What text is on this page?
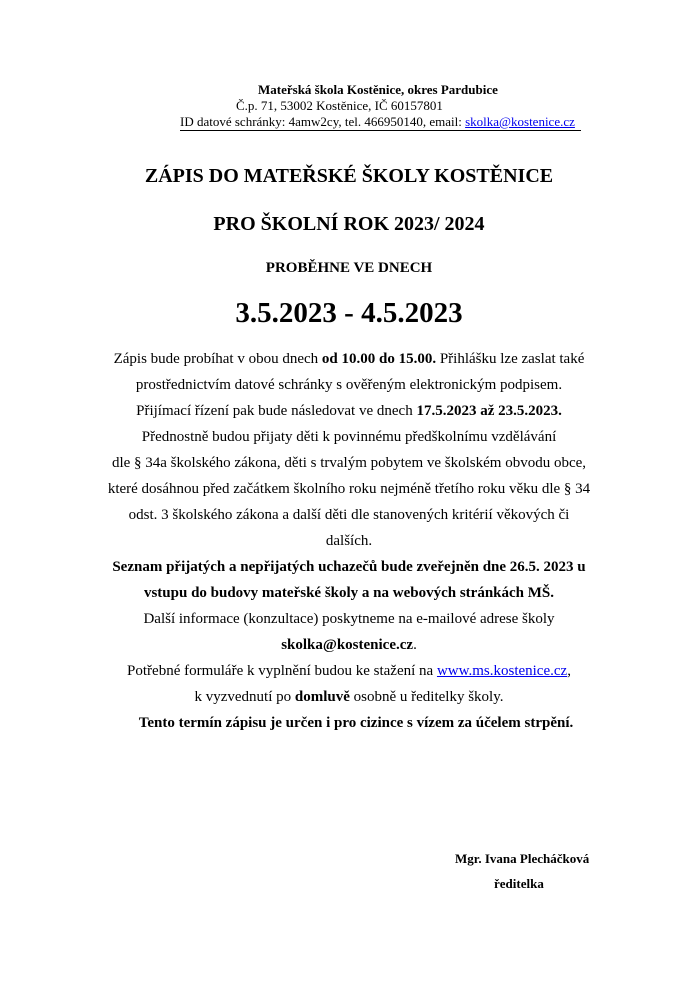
Mateřská škola Kostěnice, okres Pardubice
Č.p. 71, 53002 Kostěnice, IČ 60157801
ID datové schránky: 4amw2cy, tel. 466950140, email: skolka@kostenice.cz
ZÁPIS DO MATEŘSKÉ ŠKOLY KOSTĚNICE
PRO ŠKOLNÍ ROK 2023/ 2024
PROBĚHNE VE DNECH
3.5.2023 - 4.5.2023

Zápis bude probíhat v obou dnech od 10.00 do 15.00. Přihlášku lze zaslat také

prostřednictvím datové schránky s ověřeným elektronickým podpisem.

Přijímací řízení pak bude následovat ve dnech 17.5.2023 až 23.5.2023.

Přednostně budou přijaty děti k povinnému předškolnímu vzdělávání

dle § 34a školského zákona, děti s trvalým pobytem ve školském obvodu obce,

které dosáhnou před začátkem školního roku nejméně třetího roku věku dle § 34

odst. 3 školského zákona a další děti dle stanovených kritérií věkových či

dalších.

Seznam přijatých a nepřijatých uchazečů bude zveřejněn dne 26.5. 2023 u

vstupu do budovy mateřské školy a na webových stránkách MŠ.

Další informace (konzultace) poskytneme na e-mailové adrese školy

skolka@kostenice.cz.

Potřebné formuláře k vyplnění budou ke stažení na www.ms.kostenice.cz,

k vyzvednutí po domluvě osobně u ředitelky školy.

Tento termín zápisu je určen i pro cizince s vízem za účelem strpění.

Mgr. Ivana Plecháčková
ředitelka
